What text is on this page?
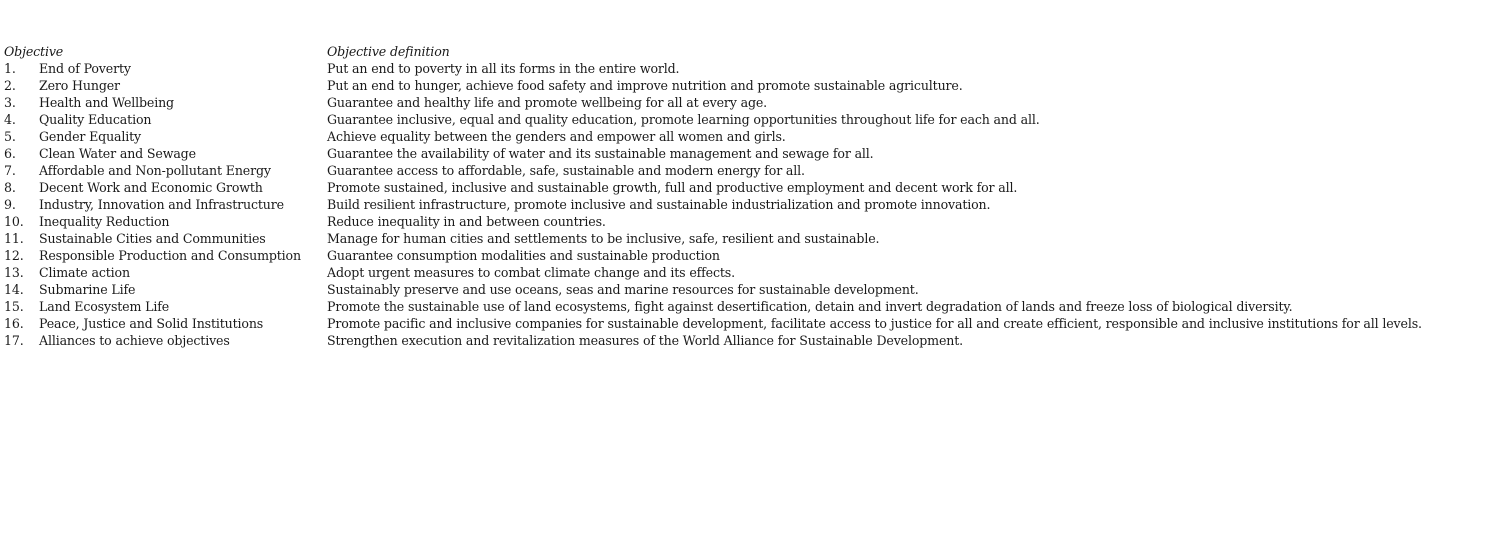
Objective		Objective definition
1.	End of Poverty	Put an end to poverty in all its forms in the entire world.
2.	Zero Hunger	Put an end to hunger, achieve food safety and improve nutrition and promote sustainable agriculture.
3.	Health and Wellbeing	Guarantee and healthy life and promote wellbeing for all at every age.
4.	Quality Education	Guarantee inclusive, equal and quality education, promote learning opportunities throughout life for each and all.
5.	Gender Equality	Achieve equality between the genders and empower all women and girls.
6.	Clean Water and Sewage	Guarantee the availability of water and its sustainable management and sewage for all.
7.	Affordable and Non-pollutant Energy	Guarantee access to affordable, safe, sustainable and modern energy for all.
8.	Decent Work and Economic Growth	Promote sustained, inclusive and sustainable growth, full and productive employment and decent work for all.
9.	Industry, Innovation and Infrastructure	Build resilient infrastructure, promote inclusive and sustainable industrialization and promote innovation.
10.	Inequality Reduction	Reduce inequality in and between countries.
11.	Sustainable Cities and Communities	Manage for human cities and settlements to be inclusive, safe, resilient and sustainable.
12.	Responsible Production and Consumption	Guarantee consumption modalities and sustainable production
13.	Climate action	Adopt urgent measures to combat climate change and its effects.
14.	Submarine Life	Sustainably preserve and use oceans, seas and marine resources for sustainable development.
15.	Land Ecosystem Life	Promote the sustainable use of land ecosystems, fight against desertification, detain and invert degradation of lands and freeze loss of biological diversity.
16.	Peace, Justice and Solid Institutions	Promote pacific and inclusive companies for sustainable development, facilitate access to justice for all and create efficient, responsible and inclusive institutions for all levels.
17.	Alliances to achieve objectives	Strengthen execution and revitalization measures of the World Alliance for Sustainable Development.
